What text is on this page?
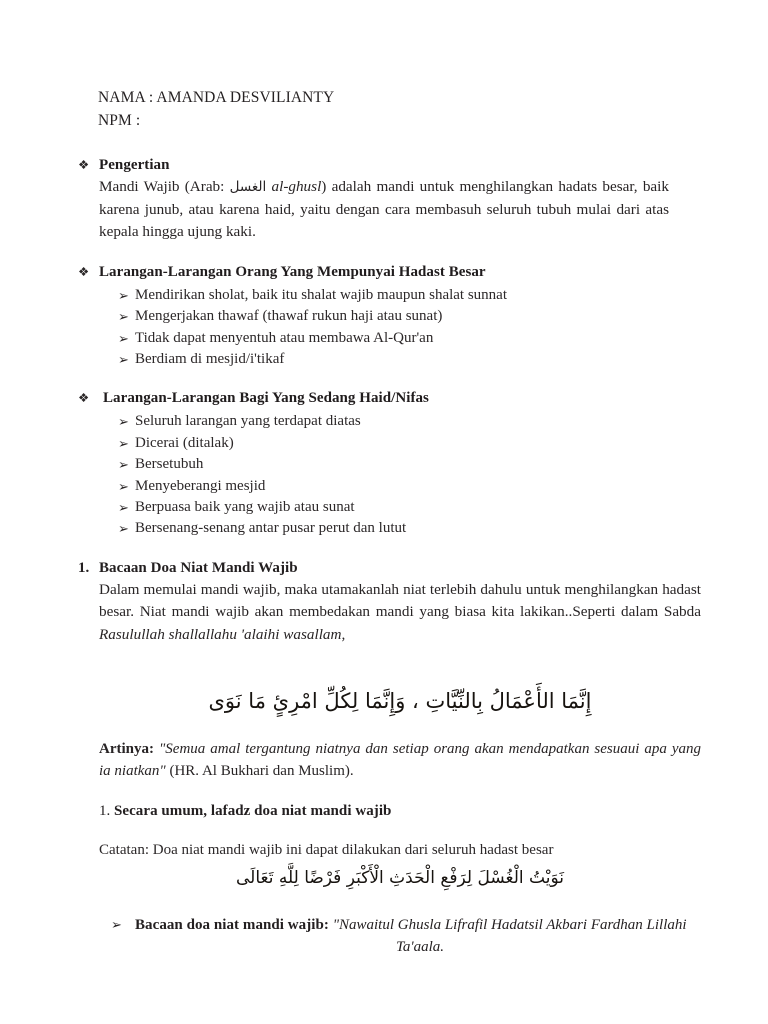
NAMA : AMANDA DESVILIANTY
NPM :
❖ Pengertian
Mandi Wajib (Arab: الغسل al-ghusl) adalah mandi untuk menghilangkan hadats besar, baik karena junub, atau karena haid, yaitu dengan cara membasuh seluruh tubuh mulai dari atas kepala hingga ujung kaki.
❖ Larangan-Larangan Orang Yang Mempunyai Hadast Besar
➢ Mendirikan sholat, baik itu shalat wajib maupun shalat sunnat
➢ Mengerjakan thawaf (thawaf rukun haji atau sunat)
➢ Tidak dapat menyentuh atau membawa Al-Qur'an
➢ Berdiam di mesjid/i'tikaf
❖ Larangan-Larangan Bagi Yang Sedang Haid/Nifas
➢ Seluruh larangan yang terdapat diatas
➢ Dicerai (ditalak)
➢ Bersetubuh
➢ Menyeberangi mesjid
➢ Berpuasa baik yang wajib atau sunat
➢ Bersenang-senang antar pusar perut dan lutut
1. Bacaan Doa Niat Mandi Wajib
Dalam memulai mandi wajib, maka utamakanlah niat terlebih dahulu untuk menghilangkan hadast besar. Niat mandi wajib akan membedakan mandi yang biasa kita lakikan..Seperti dalam Sabda Rasulullah shallallahu 'alaihi wasallam,
إِنَّمَا الأَعْمَالُ بِالنِّيَّاتِ ، وَإِنَّمَا لِكُلِّ امْرِئٍ مَا نَوَى
Artinya: "Semua amal tergantung niatnya dan setiap orang akan mendapatkan sesuaui apa yang ia niatkan" (HR. Al Bukhari dan Muslim).
1. Secara umum, lafadz doa niat mandi wajib
Catatan: Doa niat mandi wajib ini dapat dilakukan dari seluruh hadast besar
نَوَيْتُ الْغُسْلَ لِرَفْعِ الْحَدَثِ الْأَكْبَرِ فَرْضًا لِلَّهِ تَعَالَى
➢ Bacaan doa niat mandi wajib: "Nawaitul Ghusla Lifrafil Hadatsil Akbari Fardhan Lillahi
Ta'aala.
